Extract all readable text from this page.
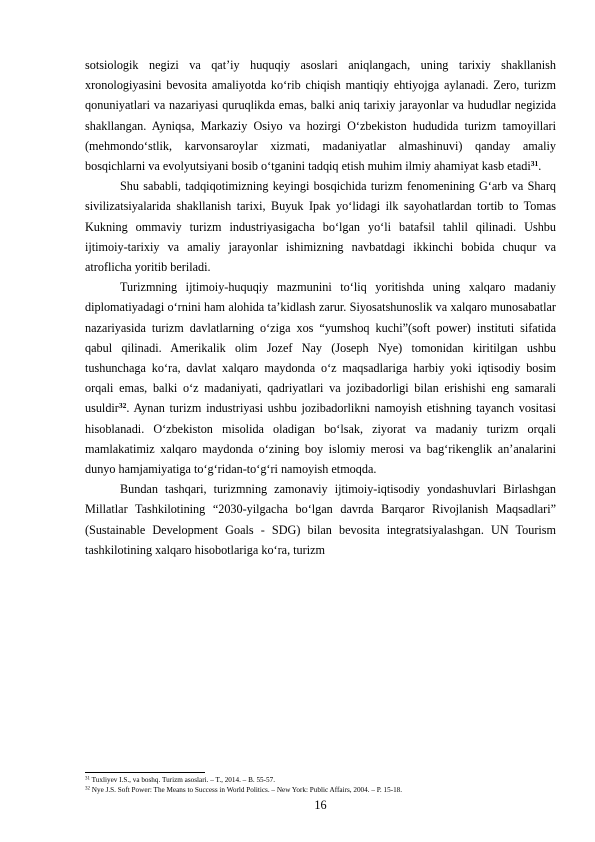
sotsiologik negizi va qat’iy huquqiy asoslari aniqlangach, uning tarixiy shakllanish xronologiyasini bevosita amaliyotda ko‘rib chiqish mantiqiy ehtiyojga aylanadi. Zero, turizm qonuniyatlari va nazariyasi quruqlikda emas, balki aniq tarixiy jarayonlar va hududlar negizida shakllangan. Ayniqsa, Markaziy Osiyo va hozirgi O‘zbekiston hududida turizm tamoyillari (mehmondo‘stlik, karvonsaroylar xizmati, madaniyatlar almashinuvi) qanday amaliy bosqichlarni va evolyutsiyani bosib o‘tganini tadqiq etish muhim ilmiy ahamiyat kasb etadi$^{31}$.

Shu sababli, tadqiqotimizning keyingi bosqichida turizm fenomenining G‘arb va Sharq sivilizatsiyalarida shakllanish tarixi, Buyuk Ipak yo‘lidagi ilk sayohatlardan tortib to Tomas Kukning ommaviy turizm industriyasigacha bo‘lgan yo‘li batafsil tahlil qilinadi. Ushbu ijtimoiy-tarixiy va amaliy jarayonlar ishimizning navbatdagi ikkinchi bobida chuqur va atroflicha yoritib beriladi.

Turizmning ijtimoiy-huquqiy mazmunini to‘liq yoritishda uning xalqaro madaniy diplomatiyadagi o‘rnini ham alohida ta’kidlash zarur. Siyosatshunoslik va xalqaro munosabatlar nazariyasida turizm davlatlarning o‘ziga xos “yumshoq kuchi”(soft power) instituti sifatida qabul qilinadi. Amerikalik olim Jozef Nay (Joseph Nye) tomonidan kiritilgan ushbu tushunchaga ko‘ra, davlat xalqaro maydonda o‘z maqsadlariga harbiy yoki iqtisodiy bosim orqali emas, balki o‘z madaniyati, qadriyatlari va jozibadorligi bilan erishishi eng samarali usuldir$^{32}$. Aynan turizm industriyasi ushbu jozibadorlikni namoyish etishning tayanch vositasi hisoblanadi. O‘zbekiston misolida oladigan bo‘lsak, ziyorat va madaniy turizm orqali mamlakatimiz xalqaro maydonda o‘zining boy islomiy merosi va bag‘rikenglik an’analarini dunyo hamjamiyatiga to‘g‘ridan-to‘g‘ri namoyish etmoqda.

Bundan tashqari, turizmning zamonaviy ijtimoiy-iqtisodiy yondashuvlari Birlashgan Millatlar Tashkilotining “2030-yilgacha bo‘lgan davrda Barqaror Rivojlanish Maqsadlari” (Sustainable Development Goals - SDG) bilan bevosita integratsiyalashgan. UN Tourism tashkilotining xalqaro hisobotlariga ko‘ra, turizm

$^{31}$ Tuxliyev I.S., va boshq. Turizm asoslari. – T., 2014. – B. 55-57.

$^{32}$ Nye J.S. Soft Power: The Means to Success in World Politics. – New York: Public Affairs, 2004. – P. 15-18.

16
